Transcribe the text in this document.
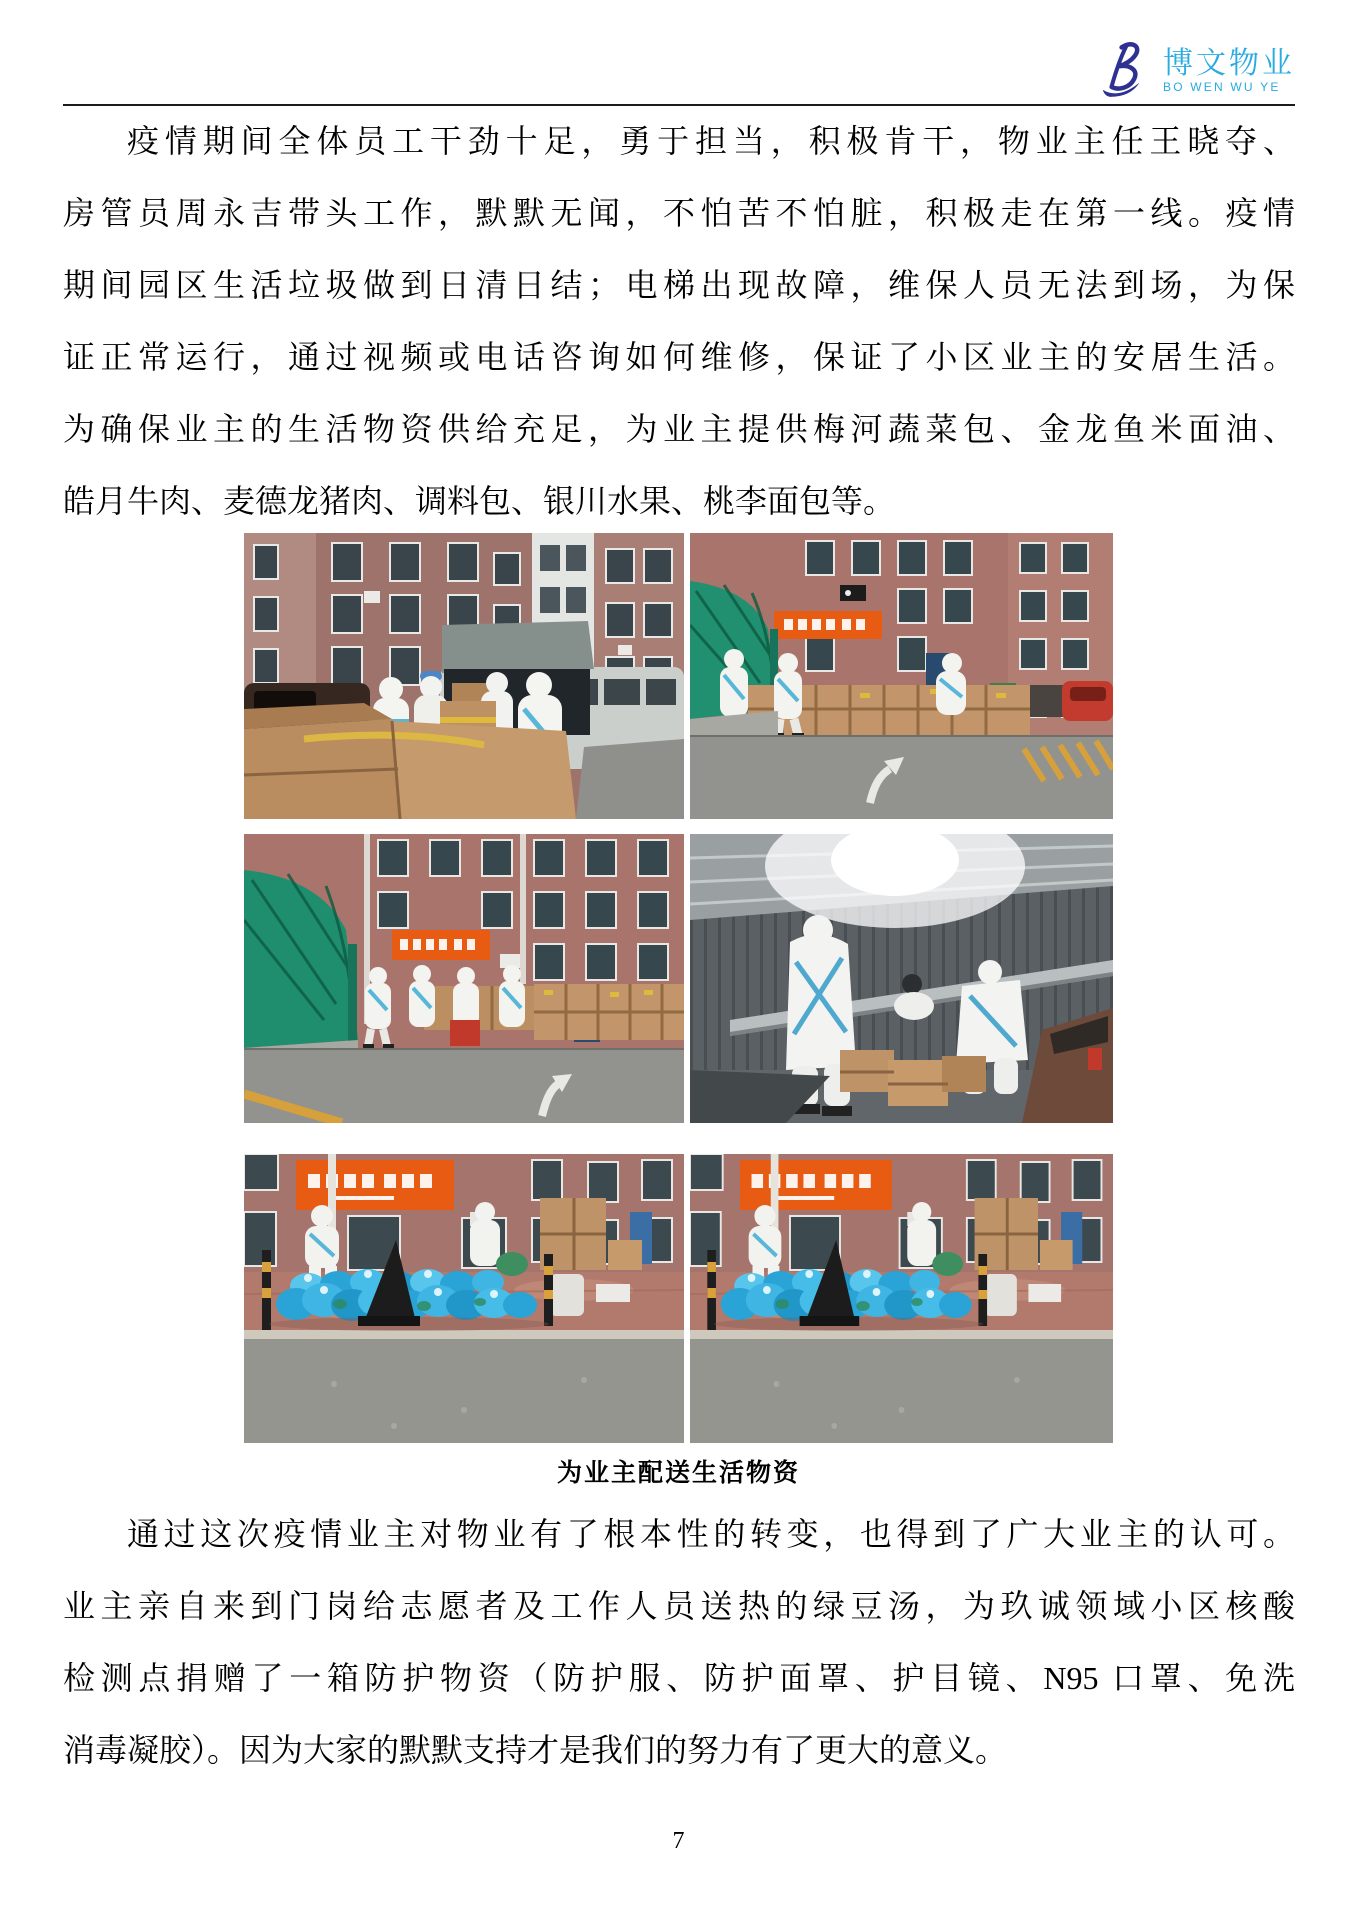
博文物业
BO WEN WU YE
疫情期间全体员工干劲十足，勇于担当，积极肯干，物业主任王晓夺、
房管员周永吉带头工作，默默无闻，不怕苦不怕脏，积极走在第一线。疫情
期间园区生活垃圾做到日清日结；电梯出现故障，维保人员无法到场，为保
证正常运行，通过视频或电话咨询如何维修，保证了小区业主的安居生活。
为确保业主的生活物资供给充足，为业主提供梅河蔬菜包、金龙鱼米面油、
皓月牛肉、麦德龙猪肉、调料包、银川水果、桃李面包等。
为业主配送生活物资
通过这次疫情业主对物业有了根本性的转变，也得到了广大业主的认可。
业主亲自来到门岗给志愿者及工作人员送热的绿豆汤，为玖诚领域小区核酸
检测点捐赠了一箱防护物资（防护服、防护面罩、护目镜、N95 口罩、免洗
消毒凝胶）。因为大家的默默支持才是我们的努力有了更大的意义。
7
